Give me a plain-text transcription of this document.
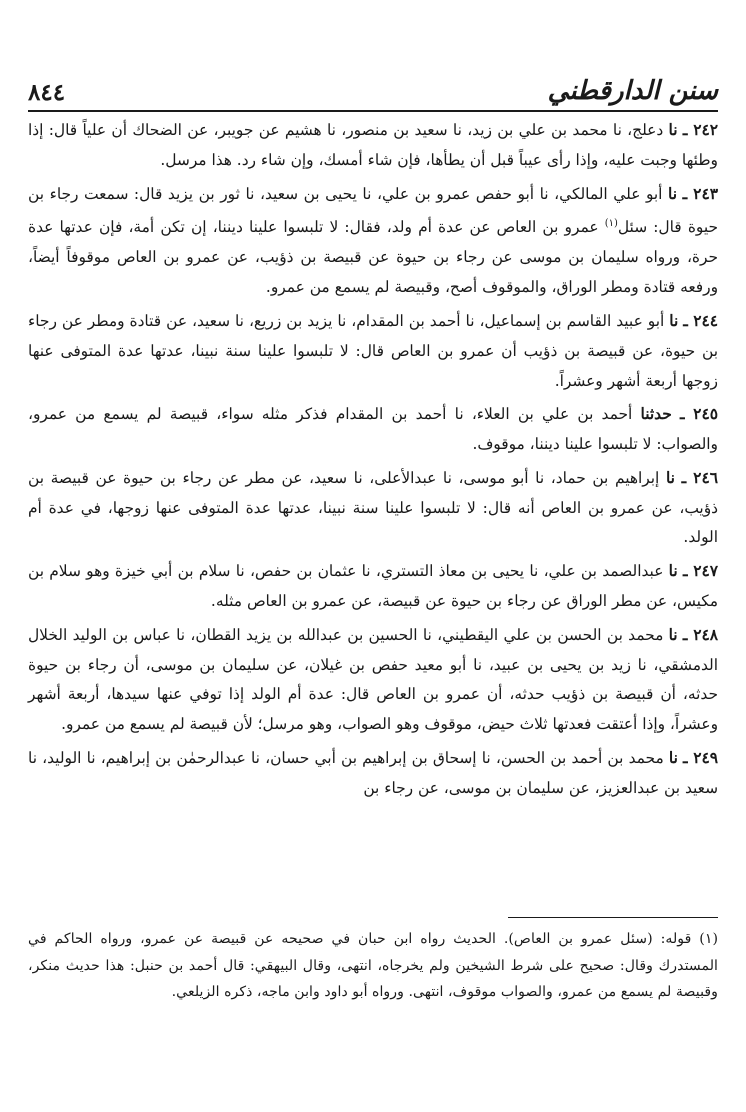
٨٤٤	سنن الدارقطني

٢٤٢ ـ نا دعلج، نا محمد بن علي بن زيد، نا سعيد بن منصور، نا هشيم عن جويبر، عن الضحاك أن علياً قال: إذا وطئها وجبت عليه، وإذا رأى عيباً قبل أن يطأها، فإن شاء أمسك، وإن شاء رد. هذا مرسل.

٢٤٣ ـ نا أبو علي المالكي، نا أبو حفص عمرو بن علي، نا يحيى بن سعيد، نا ثور بن يزيد قال: سمعت رجاء بن حيوة قال: سئل$^{(١)}$ عمرو بن العاص عن عدة أم ولد، فقال: لا تلبسوا علينا ديننا، إن تكن أمة، فإن عدتها عدة حرة، ورواه سليمان بن موسى عن رجاء بن حيوة عن قبيصة بن ذؤيب، عن عمرو بن العاص موقوفاً أيضاً، ورفعه قتادة ومطر الوراق، والموقوف أصح، وقبيصة لم يسمع من عمرو.

٢٤٤ ـ نا أبو عبيد القاسم بن إسماعيل، نا أحمد بن المقدام، نا يزيد بن زريع، نا سعيد، عن قتادة ومطر عن رجاء بن حيوة، عن قبيصة بن ذؤيب أن عمرو بن العاص قال: لا تلبسوا علينا سنة نبينا، عدتها عدة المتوفى عنها زوجها أربعة أشهر وعشراً.

٢٤٥ ـ حدثنا أحمد بن علي بن العلاء، نا أحمد بن المقدام فذكر مثله سواء، قبيصة لم يسمع من عمرو، والصواب: لا تلبسوا علينا ديننا، موقوف.

٢٤٦ ـ نا إبراهيم بن حماد، نا أبو موسى، نا عبدالأعلى، نا سعيد، عن مطر عن رجاء بن حيوة عن قبيصة بن ذؤيب، عن عمرو بن العاص أنه قال: لا تلبسوا علينا سنة نبينا، عدتها عدة المتوفى عنها زوجها، في عدة أم الولد.

٢٤٧ ـ نا عبدالصمد بن علي، نا يحيى بن معاذ التستري، نا عثمان بن حفص، نا سلام بن أبي خيزة وهو سلام بن مكيس، عن مطر الوراق عن رجاء بن حيوة عن قبيصة، عن عمرو بن العاص مثله.

٢٤٨ ـ نا محمد بن الحسن بن علي اليقطيني، نا الحسين بن عبدالله بن يزيد القطان، نا عباس بن الوليد الخلال الدمشقي، نا زيد بن يحيى بن عبيد، نا أبو معيد حفص بن غيلان، عن سليمان بن موسى، أن رجاء بن حيوة حدثه، أن قبيصة بن ذؤيب حدثه، أن عمرو بن العاص قال: عدة أم الولد إذا توفي عنها سيدها، أربعة أشهر وعشراً، وإذا أعتقت فعدتها ثلاث حيض، موقوف وهو الصواب، وهو مرسل؛ لأن قبيصة لم يسمع من عمرو.

٢٤٩ ـ نا محمد بن أحمد بن الحسن، نا إسحاق بن إبراهيم بن أبي حسان، نا عبدالرحمٰن بن إبراهيم، نا الوليد، نا سعيد بن عبدالعزيز، عن سليمان بن موسى، عن رجاء بن

(١) قوله: (سئل عمرو بن العاص). الحديث رواه ابن حبان في صحيحه عن قبيصة عن عمرو، ورواه الحاكم في المستدرك وقال: صحيح على شرط الشيخين ولم يخرجاه، انتهى، وقال البيهقي: قال أحمد بن حنبل: هذا حديث منكر، وقبيصة لم يسمع من عمرو، والصواب موقوف، انتهى. ورواه أبو داود وابن ماجه، ذكره الزيلعي.
